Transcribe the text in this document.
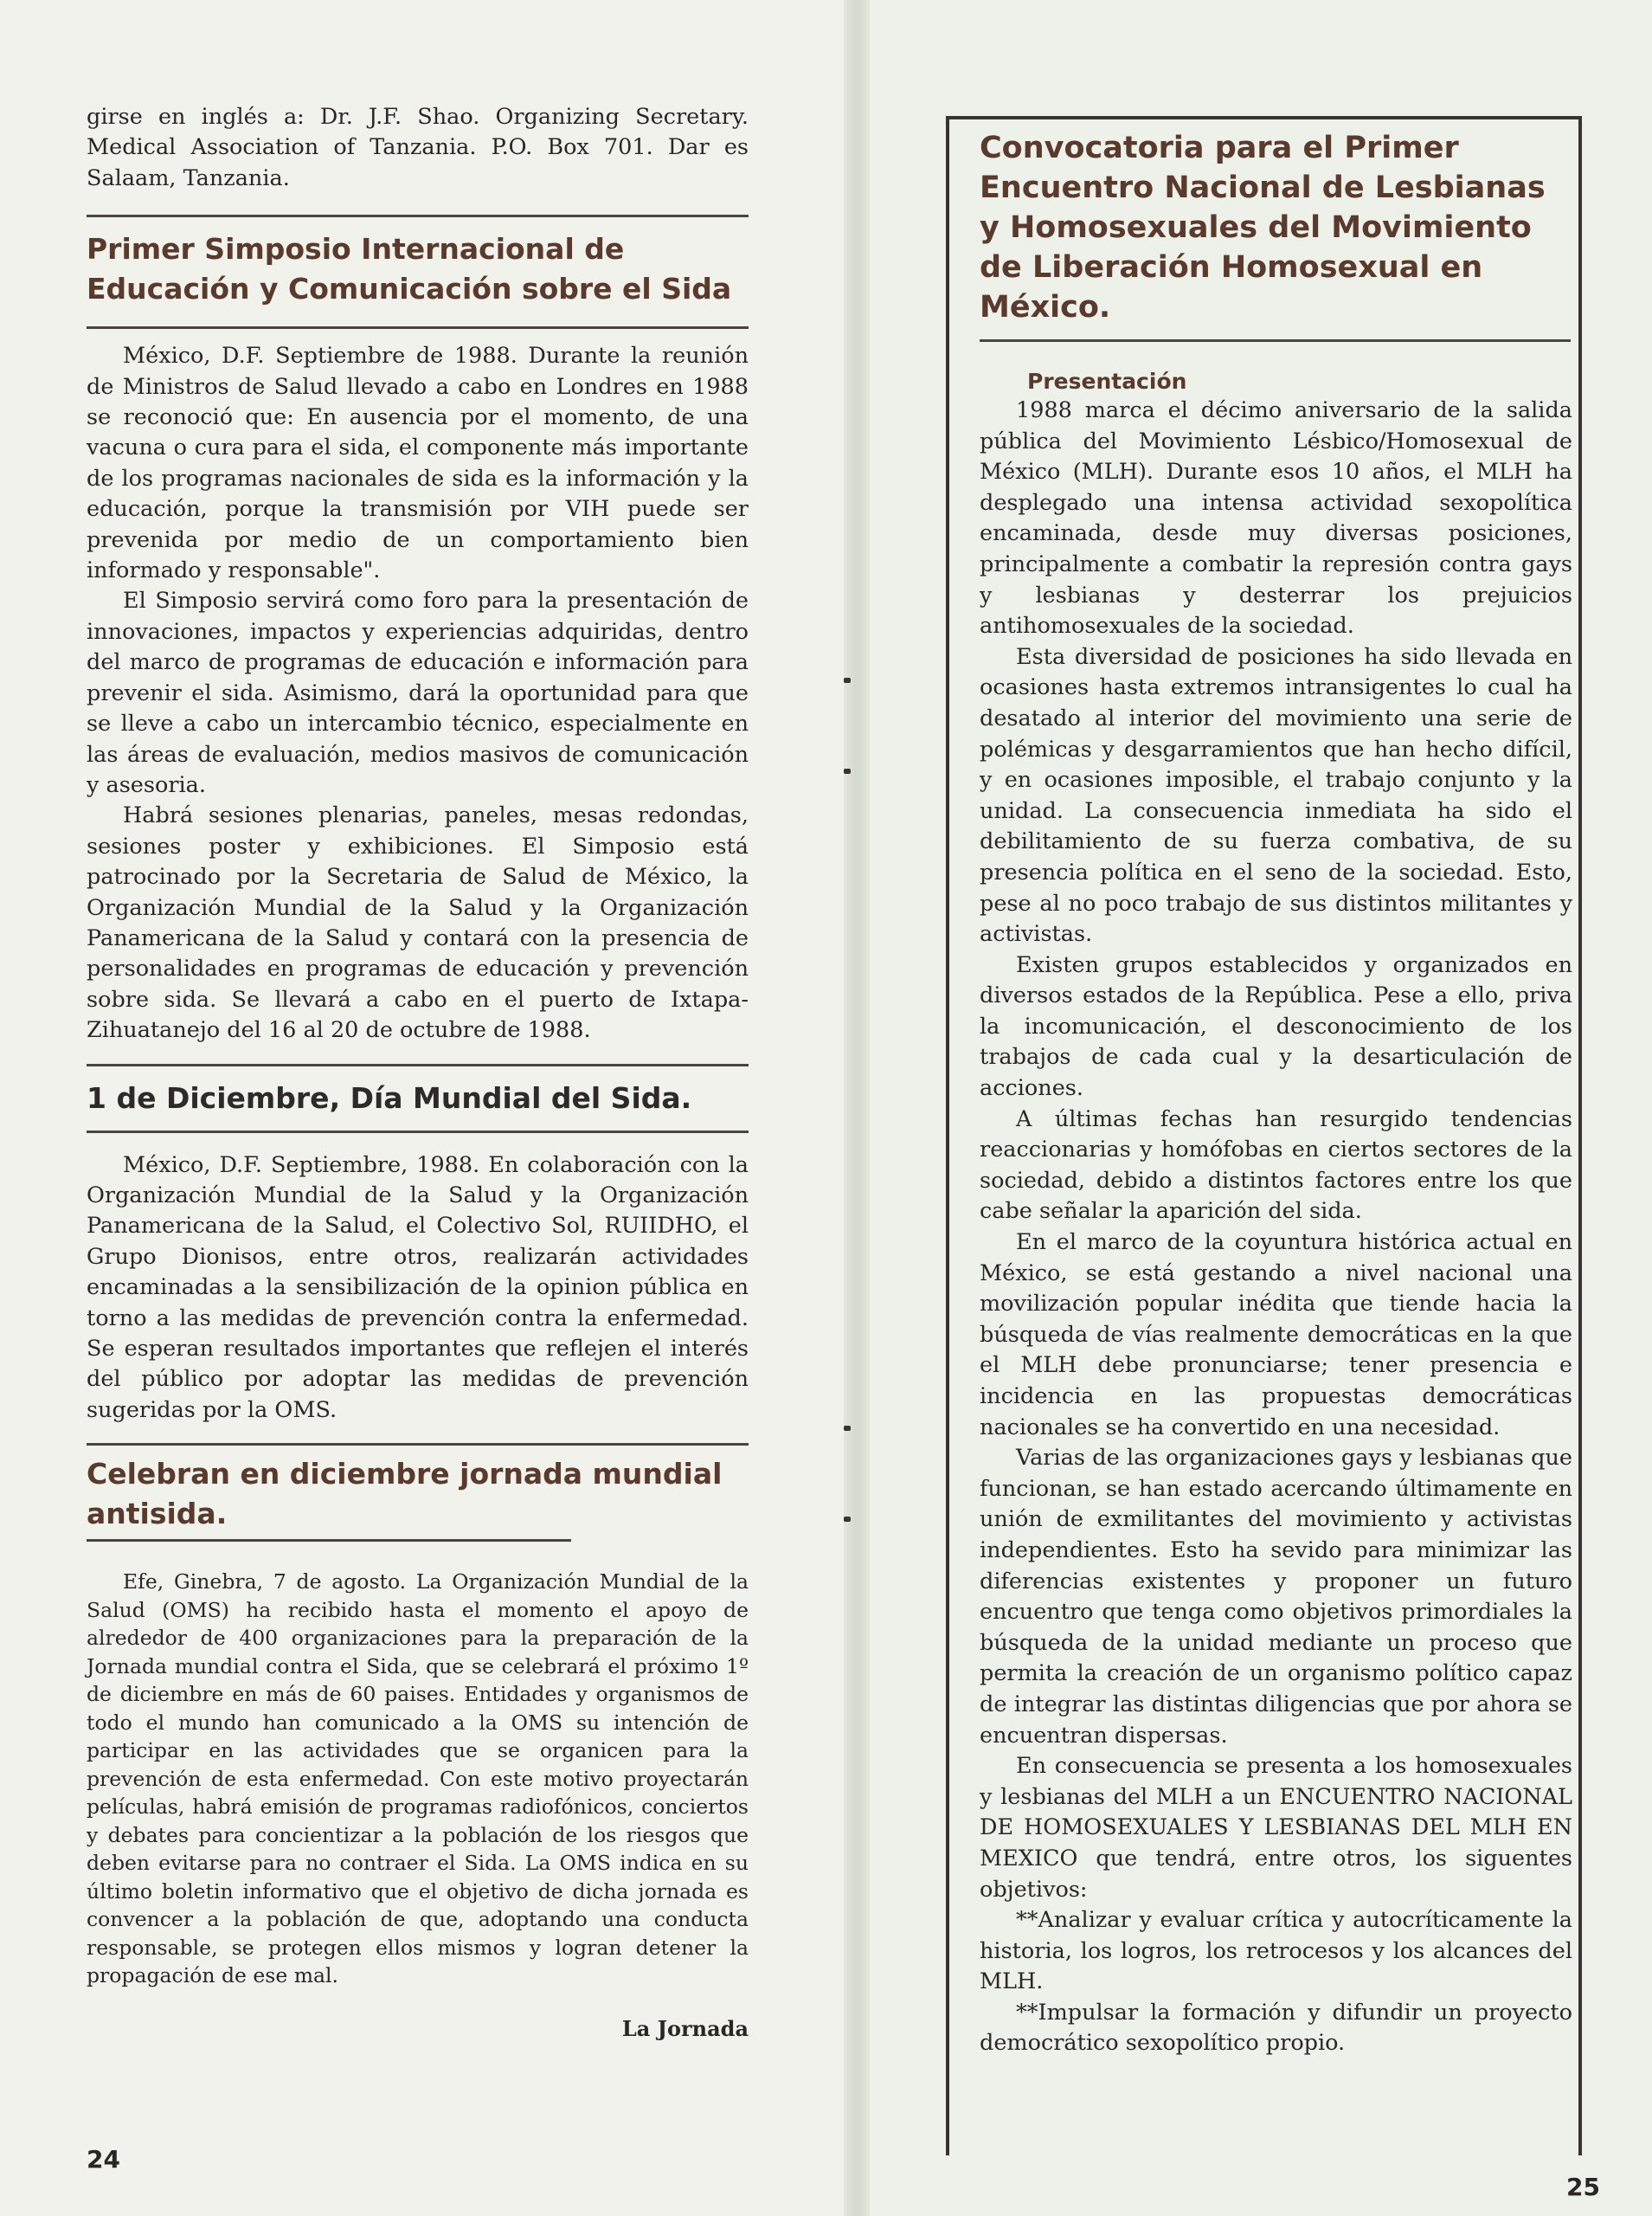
girse en inglés a: Dr. J.F. Shao. Organizing Secretary. Medical Association of Tanzania. P.O. Box 701. Dar es Salaam, Tanzania.

Primer Simposio Internacional de Educación y Comunicación sobre el Sida

México, D.F. Septiembre de 1988. Durante la reunión de Ministros de Salud llevado a cabo en Londres en 1988 se reconoció que: En ausencia por el momento, de una vacuna o cura para el sida, el componente más importante de los programas nacionales de sida es la información y la educación, porque la transmisión por VIH puede ser prevenida por medio de un comportamiento bien informado y responsable".

El Simposio servirá como foro para la presentación de innovaciones, impactos y experiencias adquiridas, dentro del marco de programas de educación e información para prevenir el sida. Asimismo, dará la oportunidad para que se lleve a cabo un intercambio técnico, especialmente en las áreas de evaluación, medios masivos de comunicación y asesoria.

Habrá sesiones plenarias, paneles, mesas redondas, sesiones poster y exhibiciones. El Simposio está patrocinado por la Secretaria de Salud de México, la Organización Mundial de la Salud y la Organización Panamericana de la Salud y contará con la presencia de personalidades en programas de educación y prevención sobre sida. Se llevará a cabo en el puerto de Ixtapa-Zihuatanejo del 16 al 20 de octubre de 1988.

1 de Diciembre, Día Mundial del Sida.

México, D.F. Septiembre, 1988. En colaboración con la Organización Mundial de la Salud y la Organización Panamericana de la Salud, el Colectivo Sol, RUIIDHO, el Grupo Dionisos, entre otros, realizarán actividades encaminadas a la sensibilización de la opinion pública en torno a las medidas de prevención contra la enfermedad. Se esperan resultados importantes que reflejen el interés del público por adoptar las medidas de prevención sugeridas por la OMS.

Celebran en diciembre jornada mundial antisida.

Efe, Ginebra, 7 de agosto. La Organización Mundial de la Salud (OMS) ha recibido hasta el momento el apoyo de alrededor de 400 organizaciones para la preparación de la Jornada mundial contra el Sida, que se celebrará el próximo 1º de diciembre en más de 60 paises. Entidades y organismos de todo el mundo han comunicado a la OMS su intención de participar en las actividades que se organicen para la prevención de esta enfermedad. Con este motivo proyectarán películas, habrá emisión de programas radiofónicos, conciertos y debates para concientizar a la población de los riesgos que deben evitarse para no contraer el Sida. La OMS indica en su último boletin informativo que el objetivo de dicha jornada es convencer a la población de que, adoptando una conducta responsable, se protegen ellos mismos y logran detener la propagación de ese mal.

La Jornada

24
Convocatoria para el Primer Encuentro Nacional de Lesbianas y Homosexuales del Movimiento de Liberación Homosexual en México.
Presentación

1988 marca el décimo aniversario de la salida pública del Movimiento Lésbico/Homosexual de México (MLH). Durante esos 10 años, el MLH ha desplegado una intensa actividad sexopolítica encaminada, desde muy diversas posiciones, principalmente a combatir la represión contra gays y lesbianas y desterrar los prejuicios antihomosexuales de la sociedad.

Esta diversidad de posiciones ha sido llevada en ocasiones hasta extremos intransigentes lo cual ha desatado al interior del movimiento una serie de polémicas y desgarramientos que han hecho difícil, y en ocasiones imposible, el trabajo conjunto y la unidad. La consecuencia inmediata ha sido el debilitamiento de su fuerza combativa, de su presencia política en el seno de la sociedad. Esto, pese al no poco trabajo de sus distintos militantes y activistas.

Existen grupos establecidos y organizados en diversos estados de la República. Pese a ello, priva la incomunicación, el desconocimiento de los trabajos de cada cual y la desarticulación de acciones.

A últimas fechas han resurgido tendencias reaccionarias y homófobas en ciertos sectores de la sociedad, debido a distintos factores entre los que cabe señalar la aparición del sida.

En el marco de la coyuntura histórica actual en México, se está gestando a nivel nacional una movilización popular inédita que tiende hacia la búsqueda de vías realmente democráticas en la que el MLH debe pronunciarse; tener presencia e incidencia en las propuestas democráticas nacionales se ha convertido en una necesidad.

Varias de las organizaciones gays y lesbianas que funcionan, se han estado acercando últimamente en unión de exmilitantes del movimiento y activistas independientes. Esto ha sevido para minimizar las diferencias existentes y proponer un futuro encuentro que tenga como objetivos primordiales la búsqueda de la unidad mediante un proceso que permita la creación de un organismo político capaz de integrar las distintas diligencias que por ahora se encuentran dispersas.

En consecuencia se presenta a los homosexuales y lesbianas del MLH a un ENCUENTRO NACIONAL DE HOMOSEXUALES Y LESBIANAS DEL MLH EN MEXICO que tendrá, entre otros, los siguentes objetivos:

**Analizar y evaluar crítica y autocríticamente la historia, los logros, los retrocesos y los alcances del MLH.

**Impulsar la formación y difundir un proyecto democrático sexopolítico propio.

25
